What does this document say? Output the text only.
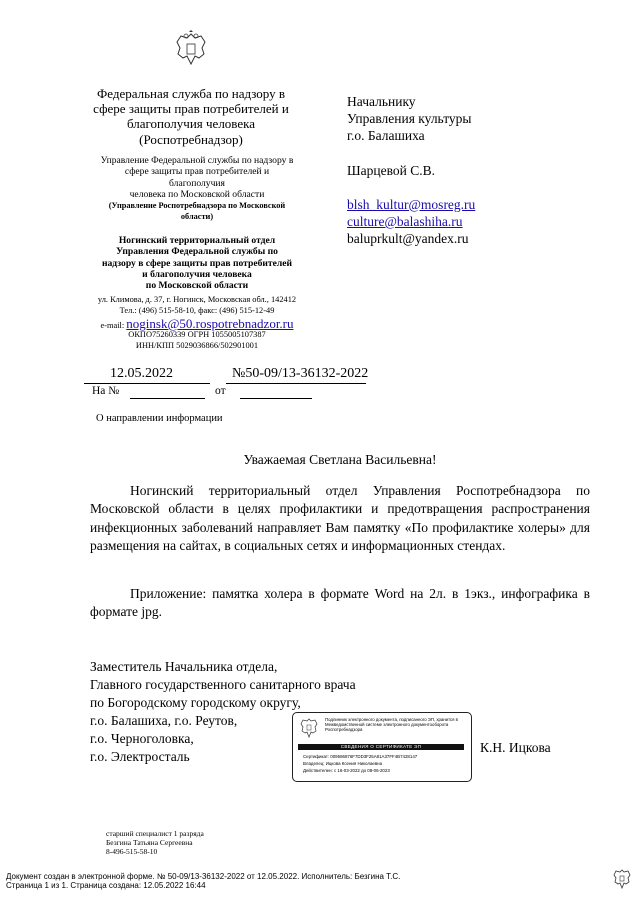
Федеральная служба по надзору в
сфере защиты прав потребителей и
благополучия человека
(Роспотребнадзор)
Управление Федеральной службы по надзору в
сфере защиты прав потребителей и
благополучия
человека по Московской области
(Управление Роспотребнадзора по Московской
области)
Ногинский территориальный отдел
Управления Федеральной службы по
надзору в сфере защиты прав потребителей
и благополучия человека
по Московской области
ул. Климова, д. 37, г. Ногинск, Московская обл., 142412
Тел.: (496) 515-58-10, факс: (496) 515-12-49
e-mail: noginsk@50.rospotrebnadzor.ru
ОКПО75260339 ОГРН 1055005107387
ИНН/КПП 5029036866/502901001
Начальнику
Управления культуры
г.о. Балашиха
Шарцевой С.В.
blsh_kultur@mosreg.ru
culture@balashiha.ru
baluprkult@yandex.ru
12.05.2022	№50-09/13-36132-2022
На №	от
О направлении информации
Уважаемая Светлана Васильевна!
Ногинский территориальный отдел Управления Роспотребнадзора по Московской области в целях профилактики и предотвращения распространения инфекционных заболеваний направляет Вам памятку «По профилактике холеры» для размещения на сайтах, в социальных сетях и информационных стендах.
Приложение: памятка холера в формате Word на 2л. в 1экз., инфографика в формате jpg.
Заместитель Начальника отдела,
Главного государственного санитарного врача
по Богородскому городскому округу,
г.о. Балашиха, г.о. Реутов,
г.о. Черноголовка,
г.о. Электросталь
К.Н. Ицкова
Подлинник электронного документа, подписанного ЭП, хранится в Межведомственной системе электронного документооборота Роспотребнадзора
СВЕДЕНИЯ О СЕРТИФИКАТЕ ЭП
Сертификат: 009586876F7DD3F25A81A37FF4B7428147
Владелец: Ицкова Ксения Николаевна
Действителен: с 16-03-2022 до 08-06-2023
старший специалист 1 разряда
Безгина Татьяна Сергеевна
8-496-515-58-10
Документ создан в электронной форме. № 50-09/13-36132-2022 от 12.05.2022. Исполнитель: Безгина Т.С.
Страница 1 из 1. Страница создана: 12.05.2022 16:44
